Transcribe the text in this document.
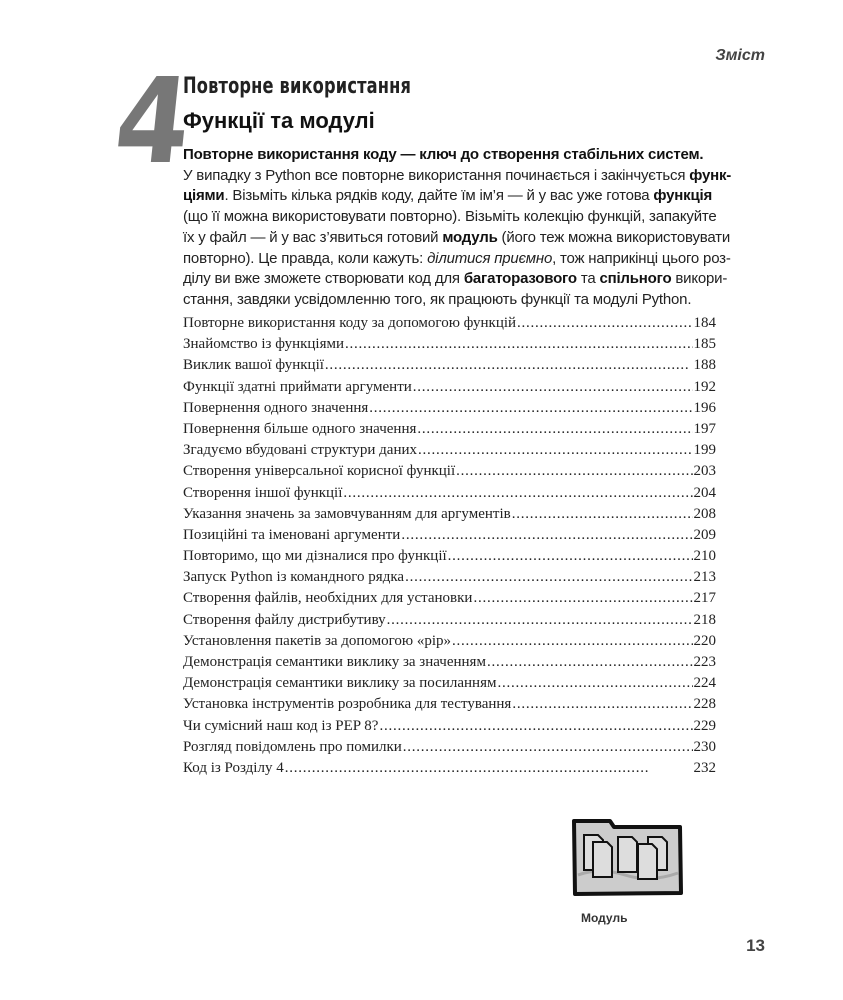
Зміст
4
Повторне використання
Функції та модулі
Повторне використання коду — ключ до створення стабільних систем.
У випадку з Python все повторне використання починається і закінчується функ-
ціями. Візьміть кілька рядків коду, дайте їм ім’я — й у вас уже готова функція
(що її можна використовувати повторно). Візьміть колекцію функцій, запакуйте
їх у файл — й у вас з’явиться готовий модуль (його теж можна використовувати
повторно). Це правда, коли кажуть: ділитися приємно, тож наприкінці цього роз-
ділу ви вже зможете створювати код для багаторазового та спільного викори-
стання, завдяки усвідомленню того, як працюють функції та модулі Python.
Повторне використання коду за допомогою функцій . . .	184
Знайомство із функціями . . .	185
Виклик вашої функції . . .	188
Функції здатні приймати аргументи . . .	192
Повернення одного значення . . .	196
Повернення більше одного значення . . .	197
Згадуємо вбудовані структури даних . . .	199
Створення універсальної корисної функції . . .	203
Створення іншої функції . . .	204
Указання значень за замовчуванням для аргументів . . .	208
Позиційні та іменовані аргументи . . .	209
Повторимо, що ми дізналися про функції . . .	210
Запуск Python із командного рядка . . .	213
Створення файлів, необхідних для установки . . .	217
Створення файлу дистрибутиву . . .	218
Установлення пакетів за допомогою «pip» . . .	220
Демонстрація семантики виклику за значенням . . .	223
Демонстрація семантики виклику за посиланням . . .	224
Установка інструментів розробника для тестування . . .	228
Чи сумісний наш код із PEP 8? . . .	229
Розгляд повідомлень про помилки . . .	230
Код із Розділу 4 . . .	232
Модуль
13
